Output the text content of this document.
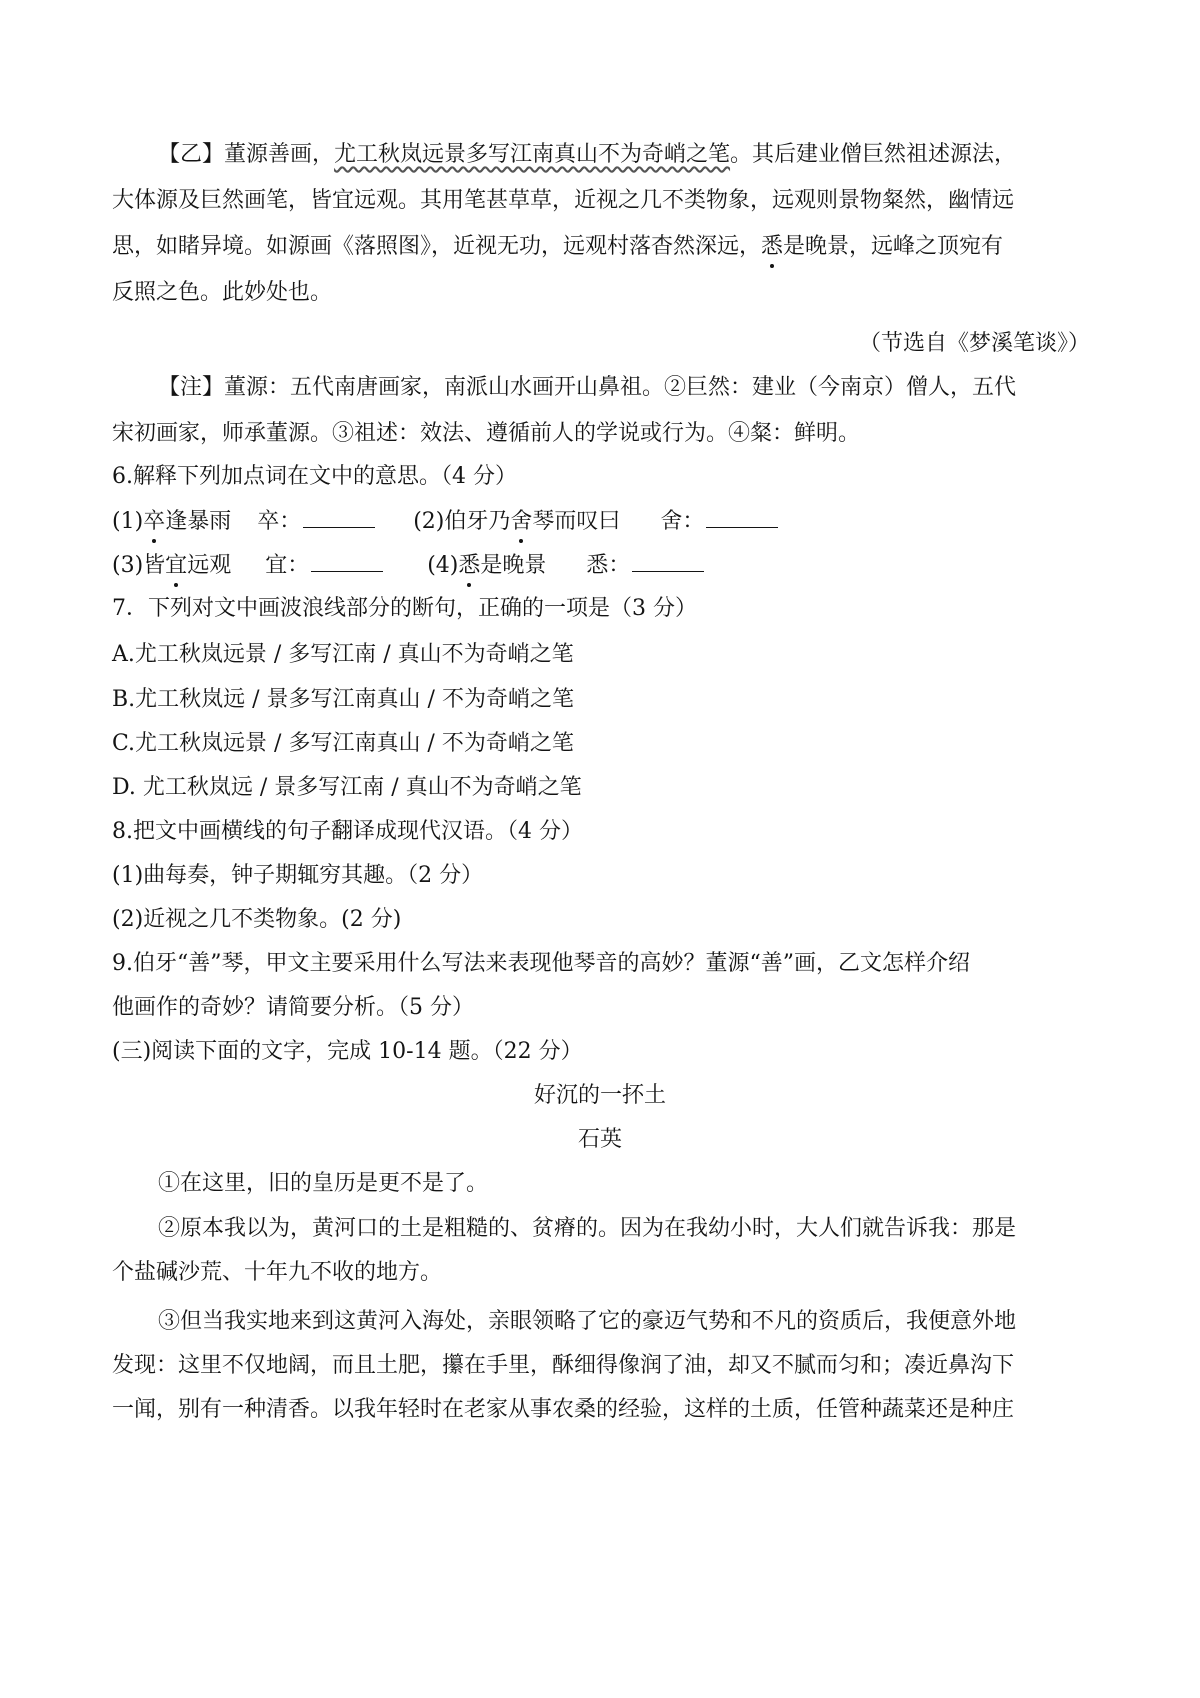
【乙】董源善画，尤工秋岚远景多写江南真山不为奇峭之笔。其后建业僧巨然祖述源法，
大体源及巨然画笔，皆宜远观。其用笔甚草草，近视之几不类物象，远观则景物粲然，幽情远
思，如睹异境。如源画《落照图》，近视无功，远观村落杳然深远，悉是晚景，远峰之顶宛有
反照之色。此妙处也。
（节选自《梦溪笔谈》）
【注】董源：五代南唐画家，南派山水画开山鼻祖。②巨然：建业（今南京）僧人，五代
宋初画家，师承董源。③祖述：效法、遵循前人的学说或行为。④粲：鲜明。
6.解释下列加点词在文中的意思。（4 分）
(1)卒逢暴雨 卒：	(2)伯牙乃舍琴而叹曰 舍：
(3)皆宜远观 宜：	(4)悉是晚景 悉：
7．下列对文中画波浪线部分的断句，正确的一项是（3 分）
A.尤工秋岚远景 / 多写江南 / 真山不为奇峭之笔
B.尤工秋岚远 / 景多写江南真山 / 不为奇峭之笔
C.尤工秋岚远景 / 多写江南真山 / 不为奇峭之笔
D. 尤工秋岚远 / 景多写江南 / 真山不为奇峭之笔
8.把文中画横线的句子翻译成现代汉语。（4 分）
(1)曲每奏，钟子期辄穷其趣。（2 分）
(2)近视之几不类物象。(2 分)
9.伯牙“善”琴，甲文主要采用什么写法来表现他琴音的高妙？董源“善”画，乙文怎样介绍
他画作的奇妙？请简要分析。（5 分）
(三)阅读下面的文字，完成 10-14 题。（22 分）
好沉的一抔土
石英
①在这里，旧的皇历是更不是了。
②原本我以为，黄河口的土是粗糙的、贫瘠的。因为在我幼小时，大人们就告诉我：那是
个盐碱沙荒、十年九不收的地方。
③但当我实地来到这黄河入海处，亲眼领略了它的豪迈气势和不凡的资质后，我便意外地
发现：这里不仅地阔，而且土肥，攥在手里，酥细得像润了油，却又不腻而匀和；凑近鼻沟下
一闻，别有一种清香。以我年轻时在老家从事农桑的经验，这样的土质，任管种蔬菜还是种庄
